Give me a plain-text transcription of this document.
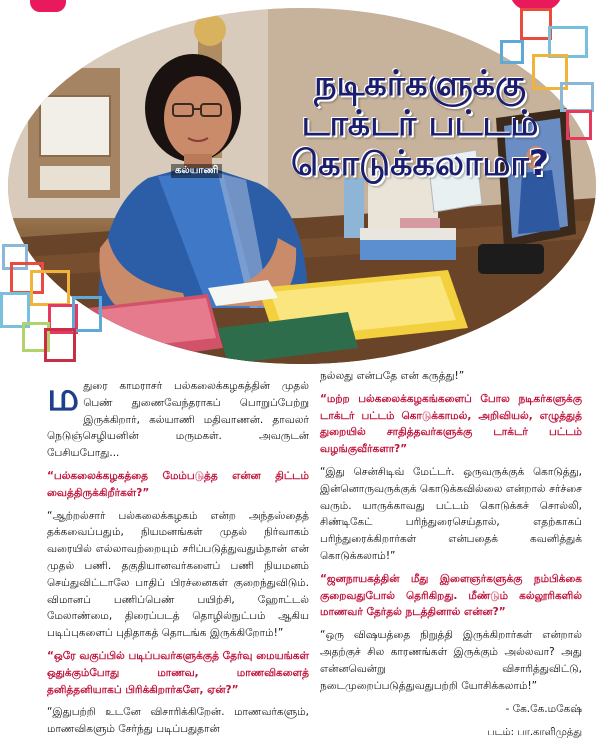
நடிகர்களுக்கு
டாக்டர் பட்டம்
கொடுக்கலாமா?
கல்யாணி

மதுரை காமராசர் பல்கலைக்கழகத்தின் முதல் பெண் துணைவேந்தராகப் பொறுப்பேற்று இருக்கிறார், கல்யாணி மதிவாணன். தாவலர் நெடுஞ்செழியனின் மருமகள். அவருடன் பேசியபோது...

“பல்கலைக்கழகத்தை மேம்படுத்த என்ன திட்டம் வைத்திருக்கிறீர்கள்?”

“ஆற்றல்சார் பல்கலைக்கழகம் என்ற அந்தஸ்தைத் தக்கவைப்பதும், நியமனங்கள் முதல் நிர்வாகம் வரையில் எல்லாவற்றையும் சரிப்படுத்துவதும்தான் என் முதல் பணி. தகுதியானவர்களைப் பணி நியமனம் செய்துவிட்டாலே பாதிப் பிரச்னைகள் குறைந்துவிடும். விமானப் பணிப்பெண் பயிற்சி, ஹோட்டல் மேலாண்மை, திரைப்படத் தொழில்நுட்பம் ஆகிய படிப்புகளைப் புதிதாகத் தொடங்க இருக்கிறோம்!”

“ஒரே வகுப்பில் படிப்பவர்களுக்குத் தேர்வு மையங்கள் ஒதுக்கும்போது மாணவ, மாணவிகளைத் தனித்தனியாகப் பிரிக்கிறார்களே, ஏன்?”

“இதுபற்றி உடனே விசாரிக்கிறேன். மாணவர்களும், மாணவிகளும் சேர்ந்து படிப்பதுதான்

நல்லது என்பதே என் கருத்து!”

“மற்ற பல்கலைக்கழகங்களைப் போல நடிகர்களுக்கு டாக்டர் பட்டம் கொடுக்காமல், அறிவியல், எழுத்துத் துறையில் சாதித்தவர்களுக்கு டாக்டர் பட்டம் வழங்குவீர்களா?”

“இது சென்சிடிவ் மேட்டர். ஒருவருக்குக் கொடுத்து, இன்னொருவருக்குக் கொடுக்கவில்லை என்றால் சர்ச்சை வரும். யாருக்காவது பட்டம் கொடுக்கச் சொல்லி, சிண்டிகேட் பரிந்துரைசெய்தால், எதற்காகப் பரிந்துரைக்கிறார்கள் என்பதைக் கவனித்துக் கொடுக்கலாம்!”

“ஜனநாயகத்தின் மீது இளைஞர்களுக்கு நம்பிக்கை குறைவதுபோல் தெரிகிறது. மீண்டும் கல்லூரிகளில் மாணவர் தேர்தல் நடத்தினால் என்ன?”

“ஒரு விஷயத்தை நிறுத்தி இருக்கிறார்கள் என்றால் அதற்குச் சில காரணங்கள் இருக்கும் அல்லவா? அது என்னவென்று விசாரித்துவிட்டு, நடைமுறைப்படுத்துவதுபற்றி யோசிக்கலாம்!”

- கே.கே.மகேஷ்

படம்: பா.காளிமுத்து
